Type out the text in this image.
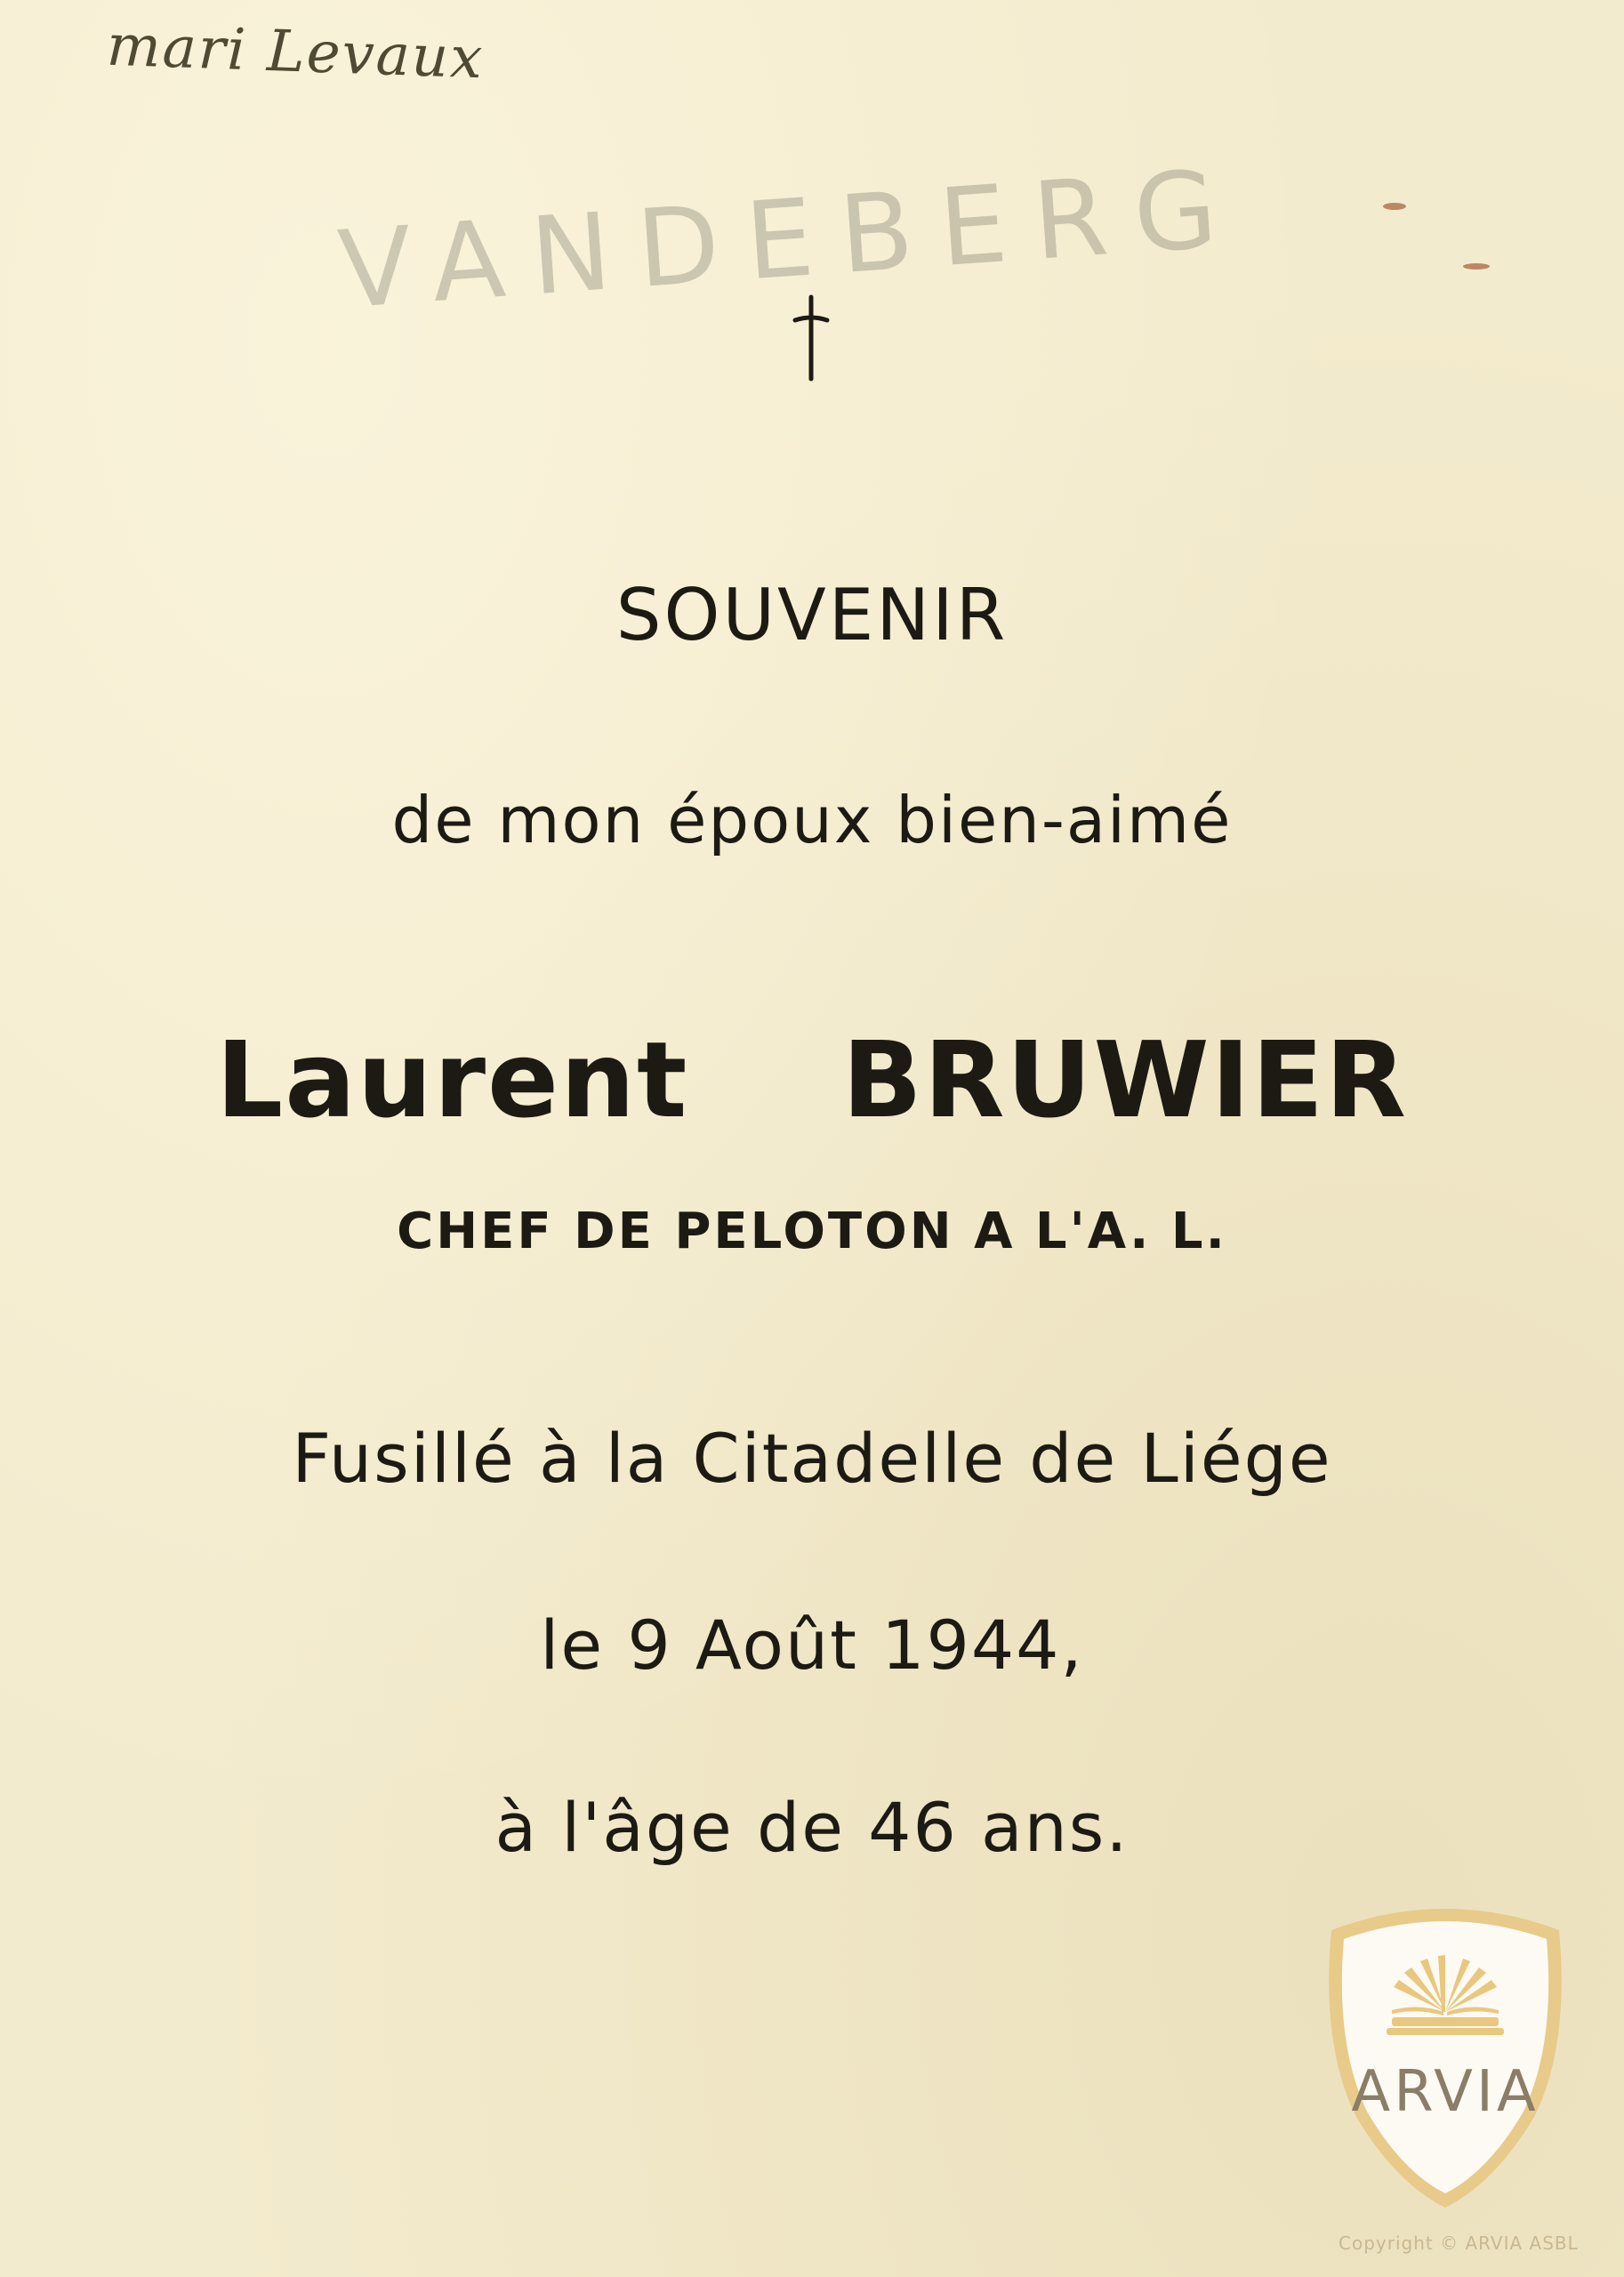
mari Levaux
VANDEBERG
SOUVENIR
de mon époux bien-aimé
Laurent BRUWIER
CHEF DE PELOTON A L'A. L.
Fusillé à la Citadelle de Liége
le 9 Août 1944,
à l'âge de 46 ans.
ARVIA
Copyright © ARVIA ASBL
